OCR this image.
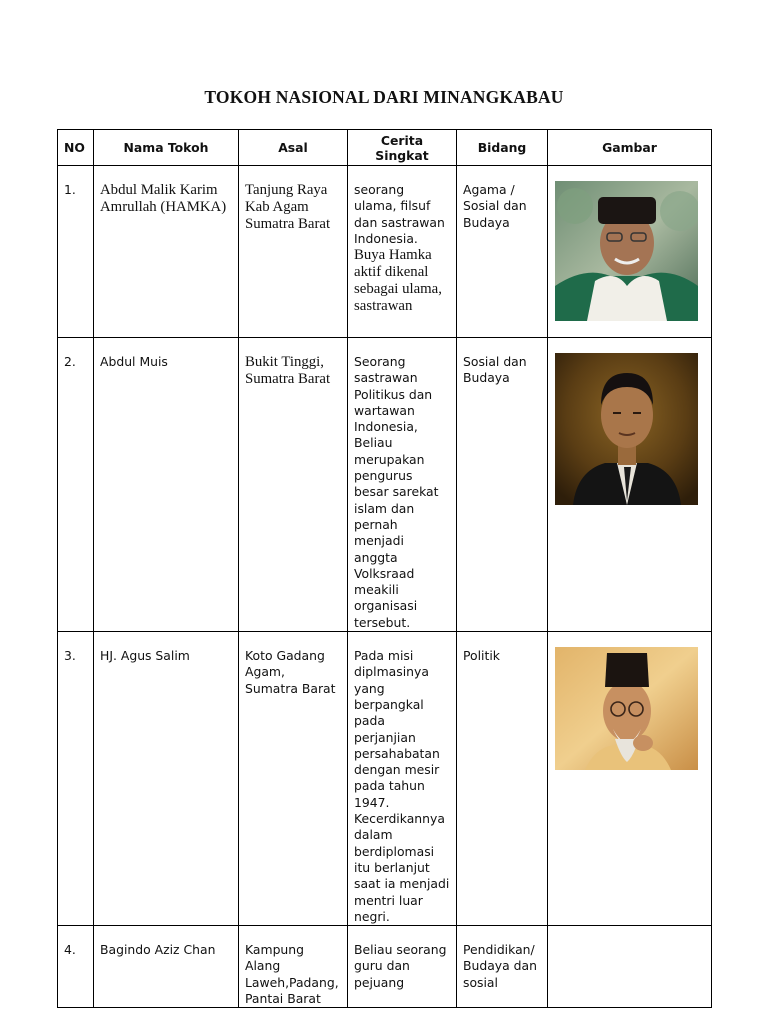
TOKOH NASIONAL DARI MINANGKABAU
NO	Nama Tokoh	Asal	Cerita Singkat	Bidang	Gambar

1.	Abdul Malik Karim Amrullah (HAMKA)	Tanjung Raya Kab Agam Sumatra Barat	seorang ulama, filsuf dan sastrawan Indonesia.
Buya Hamka aktif dikenal sebagai ulama, sastrawan	Agama / Sosial dan Budaya

2.	Abdul Muis	Bukit Tinggi, Sumatra Barat	Seorang sastrawan Politikus dan wartawan Indonesia, Beliau merupakan pengurus besar sarekat islam dan pernah menjadi anggta Volksraad meakili organisasi tersebut.	Sosial dan Budaya

3.	HJ. Agus Salim	Koto Gadang Agam, Sumatra Barat	Pada misi diplmasinya yang berpangkal pada perjanjian persahabatan dengan mesir pada tahun 1947. Kecerdikannya dalam berdiplomasi itu berlanjut saat ia menjadi mentri luar negri.	Politik

4.	Bagindo Aziz Chan	Kampung Alang Laweh,Padang, Pantai Barat	Beliau seorang guru dan pejuang	Pendidikan/ Budaya dan sosial	
